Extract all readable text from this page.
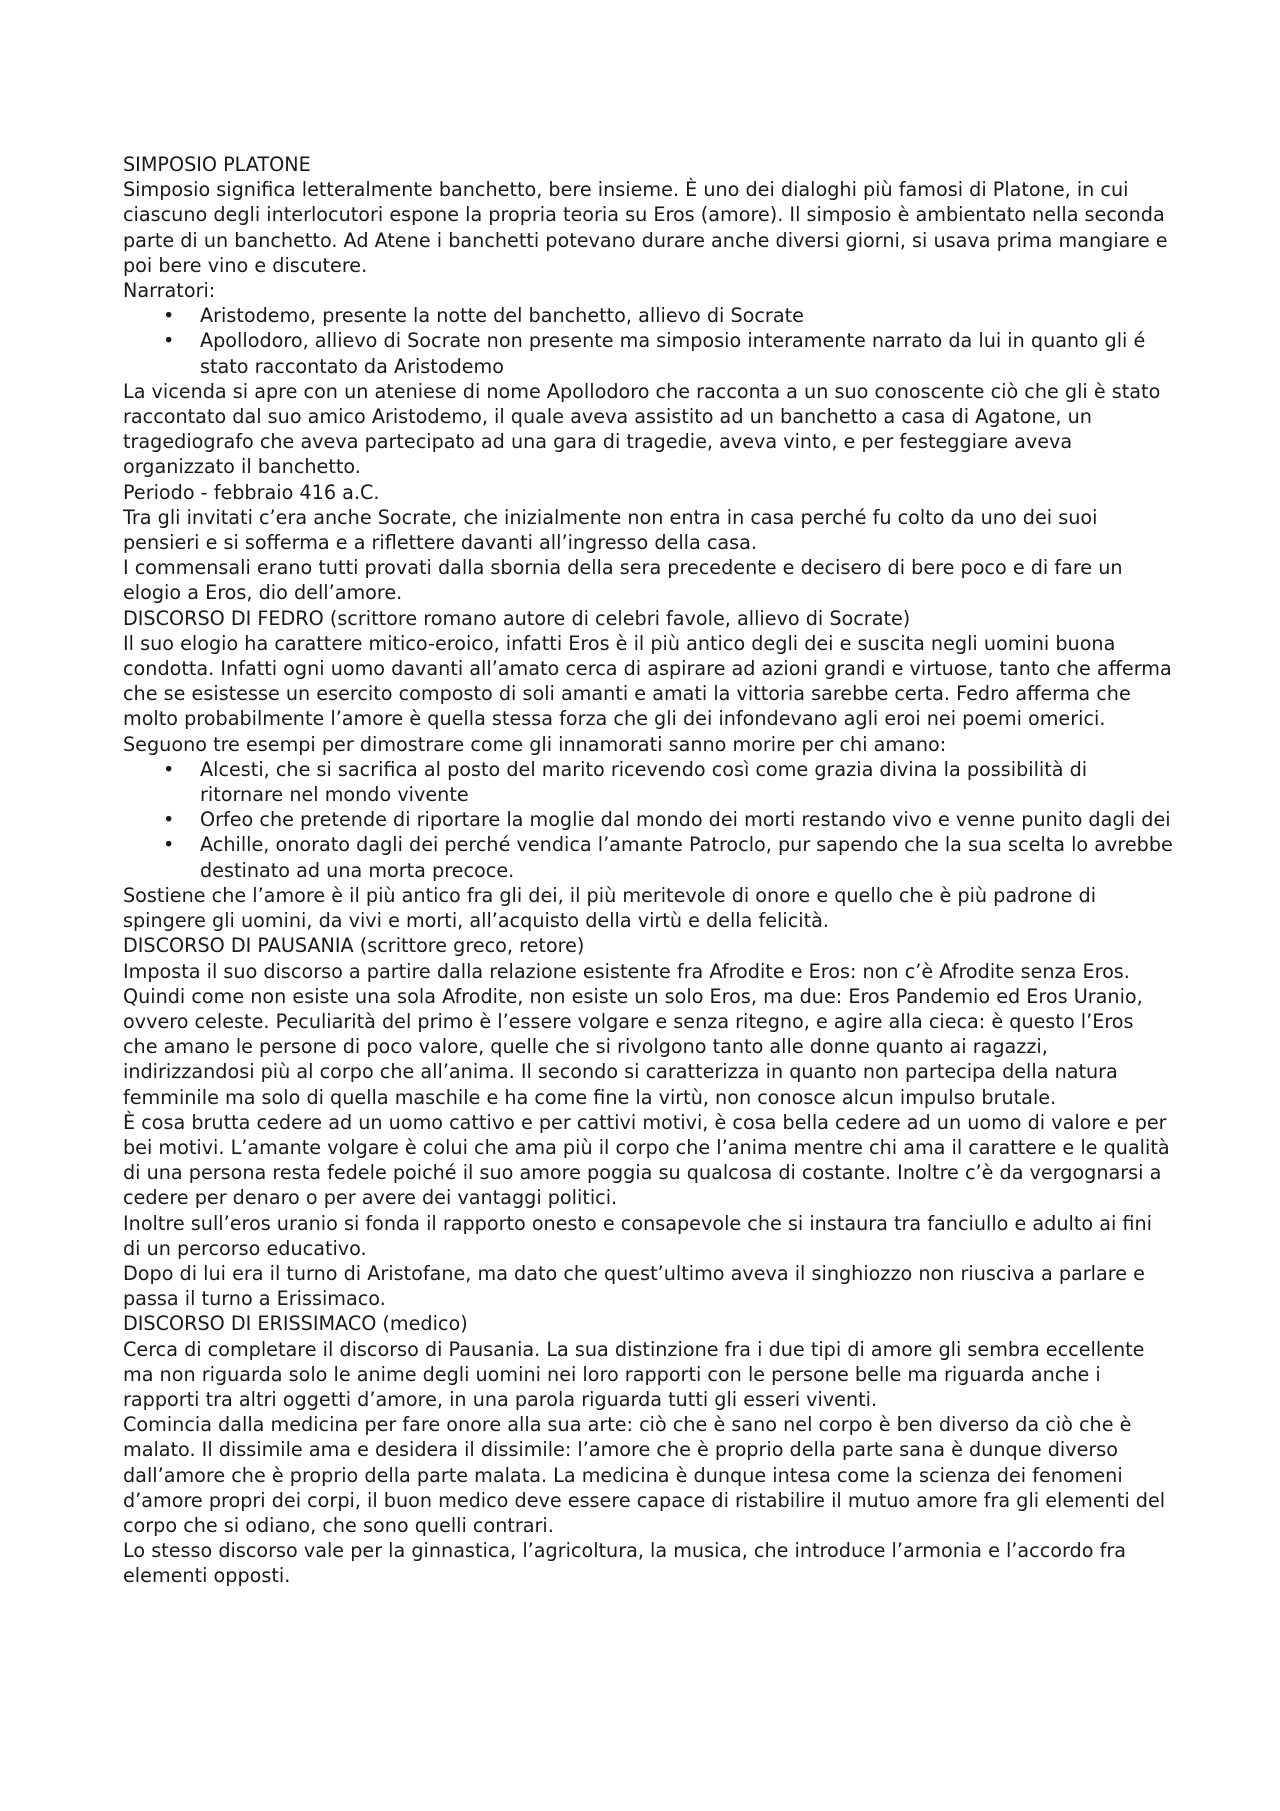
SIMPOSIO PLATONE

Simposio significa letteralmente banchetto, bere insieme. È uno dei dialoghi più famosi di Platone, in cui ciascuno degli interlocutori espone la propria teoria su Eros (amore). Il simposio è ambientato nella seconda parte di un banchetto. Ad Atene i banchetti potevano durare anche diversi giorni, si usava prima mangiare e poi bere vino e discutere.

Narratori:

• Aristodemo, presente la notte del banchetto, allievo di Socrate
• Apollodoro, allievo di Socrate non presente ma simposio interamente narrato da lui in quanto gli é stato raccontato da Aristodemo

La vicenda si apre con un ateniese di nome Apollodoro che racconta a un suo conoscente ciò che gli è stato raccontato dal suo amico Aristodemo, il quale aveva assistito ad un banchetto a casa di Agatone, un tragediografo che aveva partecipato ad una gara di tragedie, aveva vinto, e per festeggiare aveva organizzato il banchetto.

Periodo - febbraio 416 a.C.

Tra gli invitati c’era anche Socrate, che inizialmente non entra in casa perché fu colto da uno dei suoi pensieri e si sofferma e a riflettere davanti all’ingresso della casa.

I commensali erano tutti provati dalla sbornia della sera precedente e decisero di bere poco e di fare un elogio a Eros, dio dell’amore.

DISCORSO DI FEDRO (scrittore romano autore di celebri favole, allievo di Socrate)

Il suo elogio ha carattere mitico-eroico, infatti Eros è il più antico degli dei e suscita negli uomini buona condotta. Infatti ogni uomo davanti all’amato cerca di aspirare ad azioni grandi e virtuose, tanto che afferma che se esistesse un esercito composto di soli amanti e amati la vittoria sarebbe certa. Fedro afferma che molto probabilmente l’amore è quella stessa forza che gli dei infondevano agli eroi nei poemi omerici. Seguono tre esempi per dimostrare come gli innamorati sanno morire per chi amano:

• Alcesti, che si sacrifica al posto del marito ricevendo così come grazia divina la possibilità di ritornare nel mondo vivente
• Orfeo che pretende di riportare la moglie dal mondo dei morti restando vivo e venne punito dagli dei
• Achille, onorato dagli dei perché vendica l’amante Patroclo, pur sapendo che la sua scelta lo avrebbe destinato ad una morta precoce.

Sostiene che l’amore è il più antico fra gli dei, il più meritevole di onore e quello che è più padrone di spingere gli uomini, da vivi e morti, all’acquisto della virtù e della felicità.

DISCORSO DI PAUSANIA (scrittore greco, retore)

Imposta il suo discorso a partire dalla relazione esistente fra Afrodite e Eros: non c’è Afrodite senza Eros. Quindi come non esiste una sola Afrodite, non esiste un solo Eros, ma due: Eros Pandemio ed Eros Uranio, ovvero celeste. Peculiarità del primo è l’essere volgare e senza ritegno, e agire alla cieca: è questo l’Eros che amano le persone di poco valore, quelle che si rivolgono tanto alle donne quanto ai ragazzi, indirizzandosi più al corpo che all’anima. Il secondo si caratterizza in quanto non partecipa della natura femminile ma solo di quella maschile e ha come fine la virtù, non conosce alcun impulso brutale.

È cosa brutta cedere ad un uomo cattivo e per cattivi motivi, è cosa bella cedere ad un uomo di valore e per bei motivi. L’amante volgare è colui che ama più il corpo che l’anima mentre chi ama il carattere e le qualità di una persona resta fedele poiché il suo amore poggia su qualcosa di costante. Inoltre c’è da vergognarsi a cedere per denaro o per avere dei vantaggi politici.

Inoltre sull’eros uranio si fonda il rapporto onesto e consapevole che si instaura tra fanciullo e adulto ai fini di un percorso educativo.

Dopo di lui era il turno di Aristofane, ma dato che quest’ultimo aveva il singhiozzo non riusciva a parlare e passa il turno a Erissimaco.

DISCORSO DI ERISSIMACO (medico)

Cerca di completare il discorso di Pausania. La sua distinzione fra i due tipi di amore gli sembra eccellente ma non riguarda solo le anime degli uomini nei loro rapporti con le persone belle ma riguarda anche i rapporti tra altri oggetti d’amore, in una parola riguarda tutti gli esseri viventi.

Comincia dalla medicina per fare onore alla sua arte: ciò che è sano nel corpo è ben diverso da ciò che è malato. Il dissimile ama e desidera il dissimile: l’amore che è proprio della parte sana è dunque diverso dall’amore che è proprio della parte malata. La medicina è dunque intesa come la scienza dei fenomeni d’amore propri dei corpi, il buon medico deve essere capace di ristabilire il mutuo amore fra gli elementi del corpo che si odiano, che sono quelli contrari.

Lo stesso discorso vale per la ginnastica, l’agricoltura, la musica, che introduce l’armonia e l’accordo fra elementi opposti.
